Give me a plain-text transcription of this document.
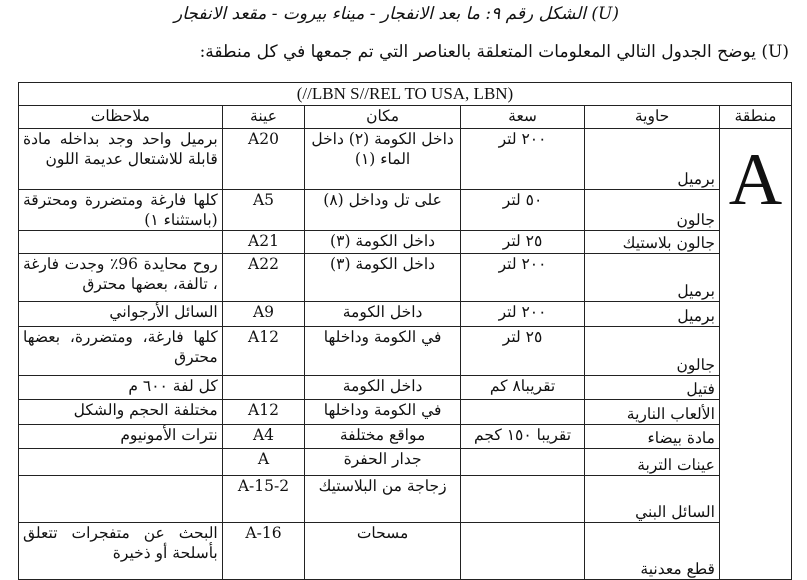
(U) الشكل رقم ٩: ما بعد الانفجار - ميناء بيروت - مقعد الانفجار
(U) يوضح الجدول التالي المعلومات المتعلقة بالعناصر التي تم جمعها في كل منطقة:
(//LBN S//REL TO USA, LBN)					
منطقة	حاوية	سعة	مكان	عينة	ملاحظات

A	برميل	٢٠٠ لتر	داخل الكومة (٢) داخل الماء (١)	A20	برميل واحد وجد بداخله مادة قابلة للاشتعال عديمة اللون
	جالون	٥٠ لتر	على تل وداخل (٨)	A5	كلها فارغة ومتضررة ومحترقة (باستثناء ١)
	جالون بلاستيك	٢٥ لتر	داخل الكومة (٣)	A21	
	برميل	٢٠٠ لتر	داخل الكومة (٣)	A22	روح محايدة 96٪ وجدت فارغة ، تالفة، بعضها محترق
	برميل	٢٠٠ لتر	داخل الكومة	A9	السائل الأرجواني
	جالون	٢٥ لتر	في الكومة وداخلها	A12	كلها فارغة، ومتضررة، بعضها محترق
	فتيل	تقريبا٨ كم	داخل الكومة		كل لفة ٦٠٠ م
	الألعاب النارية		في الكومة وداخلها	A12	مختلفة الحجم والشكل
	مادة بيضاء	تقريبا ١٥٠ كجم	مواقع مختلفة	A4	نترات الأمونيوم
	عينات التربة		جدار الحفرة	A	
	السائل البني		زجاجة من البلاستيك	A-15-2	
	قطع معدنية		مسحات	A-16	البحث عن متفجرات تتعلق بأسلحة أو ذخيرة
